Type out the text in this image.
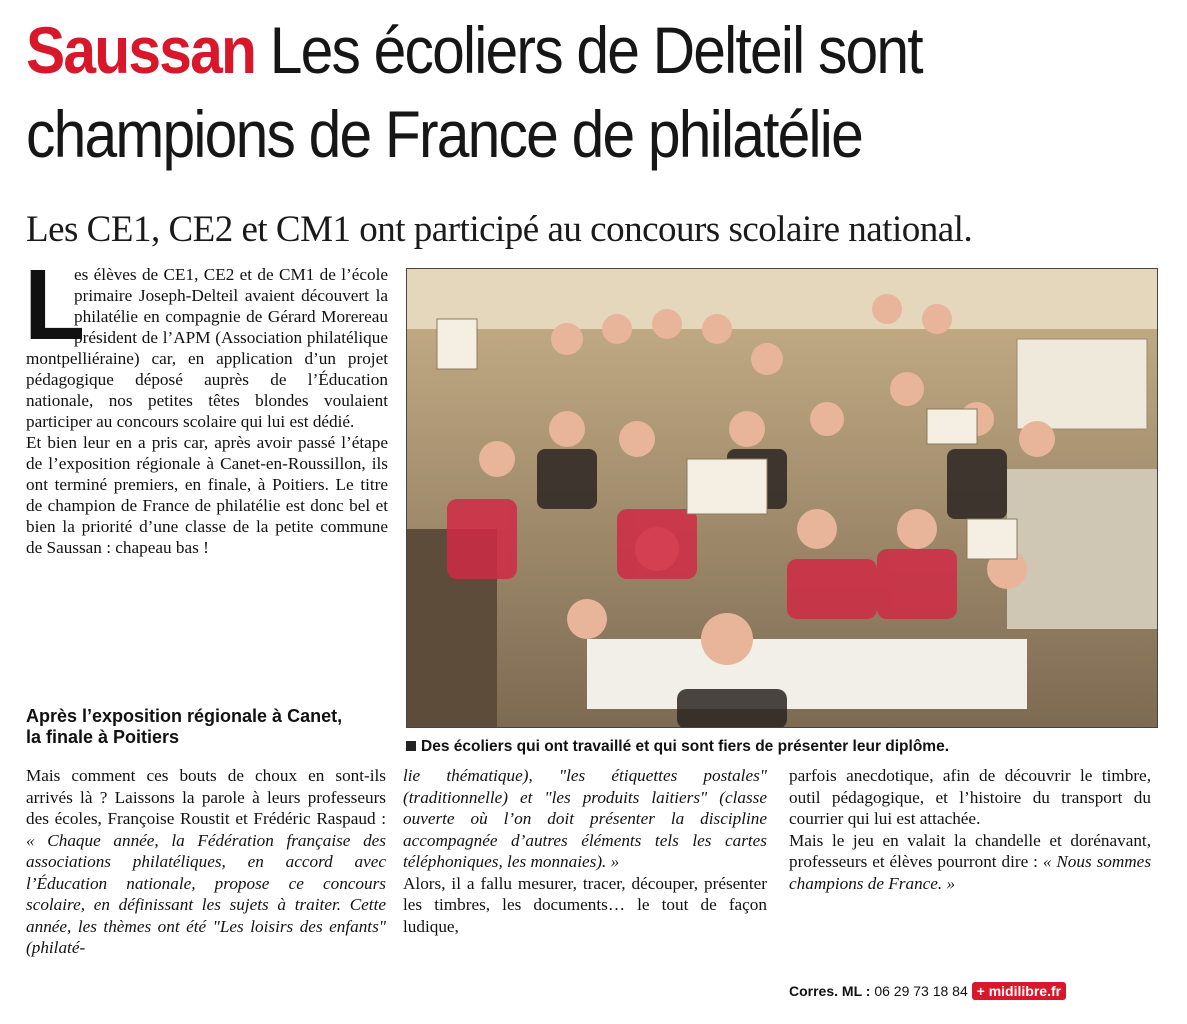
Saussan Les écoliers de Delteil sont
champions de France de philatélie
Les CE1, CE2 et CM1 ont participé au concours scolaire national.
L

es élèves de CE1, CE2 et de CM1 de l’école primaire Joseph-Delteil avaient découvert la philatélie en compagnie de Gérard Morereau président de l’APM (Association philatélique montpelliéraine) car, en application d’un projet pédagogique déposé auprès de l’Éducation nationale, nos petites têtes blondes voulaient participer au concours scolaire qui lui est dédié.

Et bien leur en a pris car, après avoir passé l’étape de l’exposition régionale à Canet-en-Roussillon, ils ont terminé premiers, en finale, à Poitiers. Le titre de champion de France de philatélie est donc bel et bien la priorité d’une classe de la petite commune de Saussan : chapeau bas !

Des écoliers qui ont travaillé et qui sont fiers de présenter leur diplôme.
Après l’exposition régionale à Canet, la finale à Poitiers

Mais comment ces bouts de choux en sont-ils arrivés là ? Laissons la parole à leurs professeurs des écoles, Françoise Roustit et Frédéric Raspaud : « Chaque année, la Fédération française des associations philatéliques, en accord avec l’Éducation nationale, propose ce concours scolaire, en définissant les sujets à traiter. Cette année, les thèmes ont été "Les loisirs des enfants" (philaté-

lie thématique), "les étiquettes postales" (traditionnelle) et "les produits laitiers" (classe ouverte où l’on doit présenter la discipline accompagnée d’autres éléments tels les cartes téléphoniques, les monnaies). »

Alors, il a fallu mesurer, tracer, découper, présenter les timbres, les documents… le tout de façon ludique,

parfois anecdotique, afin de découvrir le timbre, outil pédagogique, et l’histoire du transport du courrier qui lui est attachée.

Mais le jeu en valait la chandelle et dorénavant, professeurs et élèves pourront dire : « Nous sommes champions de France. »

Corres. ML : 06 29 73 18 84 + midilibre.fr
